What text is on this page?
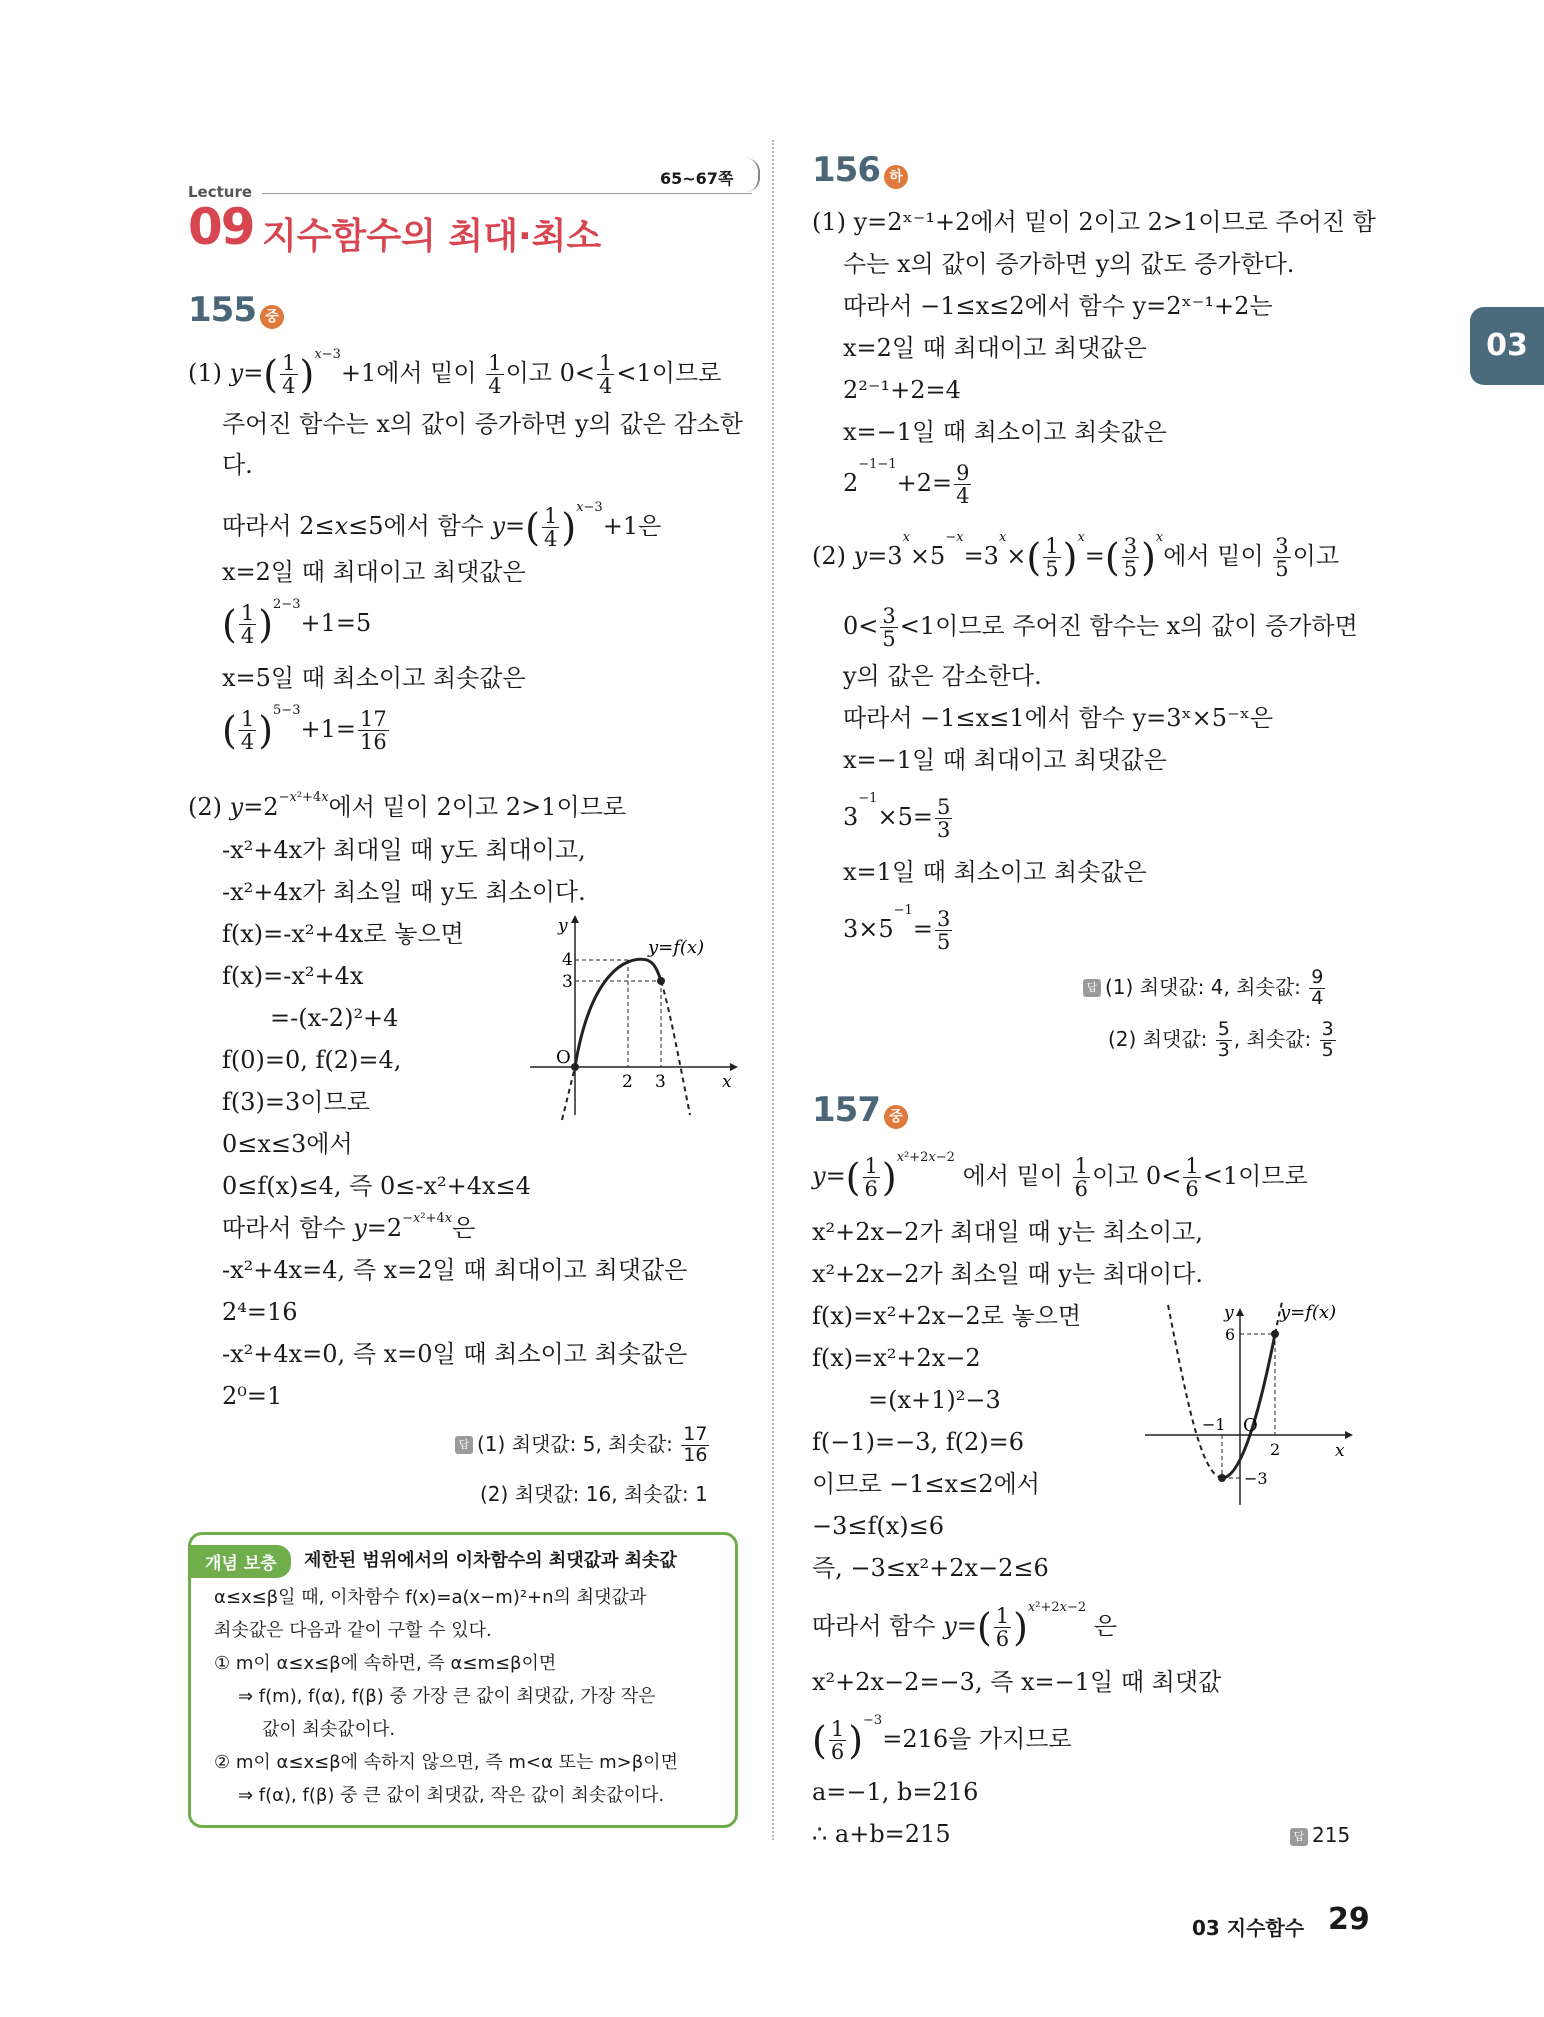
Lecture
65~67쪽
09 지수함수의 최대·최소
03
155 중
(1) $y=( \frac{1}{4} )^{x-3}+1$에서 밑이 $\frac{1}{4}$ 이고 $0< \frac{1}{4} <1$이므로
주어진 함수는 x의 값이 증가하면 y의 값은 감소한
다.
따라서 2≤x≤5에서 함수 $y=( \frac{1}{4} )^{x-3}+1$은
x=2일 때 최대이고 최댓값은
( $\frac{1}{4} )^{2-3}+1=5$
x=5일 때 최소이고 최솟값은
( $\frac{1}{4} )^{5-3}+1= \frac{17}{16}$
(2) $y=2^{-x^2+4x}$에서 밑이 2이고 2>1이므로
-x²+4x가 최대일 때 y도 최대이고,
-x²+4x가 최소일 때 y도 최소이다.
f(x)=-x²+4x로 놓으면
f(x)=-x²+4x
=-(x-2)²+4
f(0)=0, f(2)=4,
f(3)=3이므로
0≤x≤3에서
0≤f(x)≤4, 즉 0≤-x²+4x≤4
따라서 함수 $y=2^{-x^2+4x}$은
-x²+4x=4, 즉 x=2일 때 최대이고 최댓값은
2⁴=16
-x²+4x=0, 즉 x=0일 때 최소이고 최솟값은
2⁰=1
4
3
2 3
O
x
y
y=f(x)
답 (1) 최댓값: 5, 최솟값: $\frac{17}{16}$
(2) 최댓값: 16, 최솟값: 1
개념 보충	제한된 범위에서의 이차함수의 최댓값과 최솟값
α≤x≤β일 때, 이차함수 f(x)=a(x−m)²+n의 최댓값과
최솟값은 다음과 같이 구할 수 있다.
① m이 α≤x≤β에 속하면, 즉 α≤m≤β이면
⇒ f(m), f(α), f(β) 중 가장 큰 값이 최댓값, 가장 작은
값이 최솟값이다.
② m이 α≤x≤β에 속하지 않으면, 즉 m<α 또는 m>β이면
⇒ f(α), f(β) 중 큰 값이 최댓값, 작은 값이 최솟값이다.
156 하
(1) y=2ˣ⁻¹+2에서 밑이 2이고 2>1이므로 주어진 함
수는 x의 값이 증가하면 y의 값도 증가한다.
따라서 −1≤x≤2에서 함수 y=2ˣ⁻¹+2는
x=2일 때 최대이고 최댓값은
2²⁻¹+2=4
x=−1일 때 최소이고 최솟값은
$2^{-1-1}+2= \frac{9}{4}$
(2) $y=3^x\times 5^{-x}=3^x\times( \frac{1}{5} )^x=( \frac{3}{5} )^x$에서 밑이 $\frac{3}{5}$ 이고
$0< \frac{3}{5} <1$이므로 주어진 함수는 x의 값이 증가하면
y의 값은 감소한다.
따라서 −1≤x≤1에서 함수 y=3ˣ×5⁻ˣ은
x=−1일 때 최대이고 최댓값은
$3^{-1}\times 5= \frac{5}{3}$
x=1일 때 최소이고 최솟값은
$3\times 5^{-1}= \frac{3}{5}$
답 (1) 최댓값: 4, 최솟값: $\frac{9}{4}$
(2) 최댓값: $\frac{5}{3}$ , 최솟값: $\frac{3}{5}$
157 중
$y=( \frac{1}{6} )^{x^2+2x-2}$ 에서 밑이 $\frac{1}{6}$ 이고 $0< \frac{1}{6} <1$이므로
x²+2x−2가 최대일 때 y는 최소이고,
x²+2x−2가 최소일 때 y는 최대이다.
f(x)=x²+2x−2로 놓으면
f(x)=x²+2x−2
=(x+1)²−3
f(−1)=−3, f(2)=6
이므로 −1≤x≤2에서
−3≤f(x)≤6
즉, −3≤x²+2x−2≤6
따라서 함수 $y=( \frac{1}{6} )^{x^2+2x-2}$ 은
x²+2x−2=−3, 즉 x=−1일 때 최댓값
( $\frac{1}{6} )^{-3}=216$을 가지므로
a=−1, b=216
∴ a+b=215
6
−1
2
−3
O
x
y	y=f(x)
답 215
03 지수함수 29
